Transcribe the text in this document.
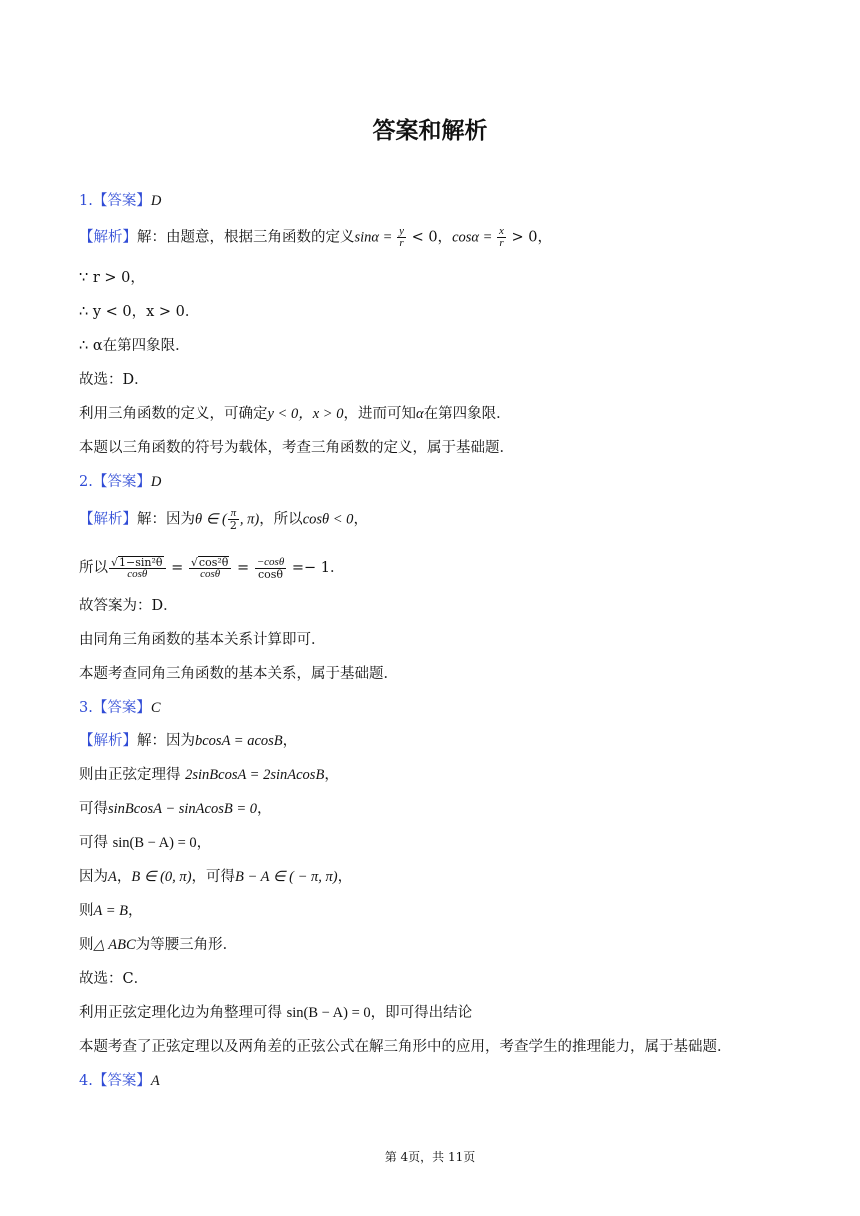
答案和解析
1.【答案】D
【解析】解：由题意，根据三角函数的定义$\sin\alpha = \frac{y}{r} < 0$，$\cos\alpha = \frac{x}{r} > 0$，
∵ r > 0，
∴ y < 0，x > 0．
∴ α在第四象限．
故选：D．
利用三角函数的定义，可确定y < 0，x > 0，进而可知α在第四象限．
本题以三角函数的符号为载体，考查三角函数的定义，属于基础题．
2.【答案】D
【解析】解：因为θ ∈ ( $\frac{\pi}{2}$ , π)，所以cosθ < 0，
所以 $\frac{\text{√1−sin²θ}}{\cos\theta} = \frac{\text{√cos²θ}}{\cos\theta} = \frac{-\cos\theta}{\cos\theta} =- 1$．
故答案为：D．
由同角三角函数的基本关系计算即可．
本题考查同角三角函数的基本关系，属于基础题．
3.【答案】C
【解析】解：因为bcosA = acosB，
则由正弦定理得 2sinBcosA = 2sinAcosB，
可得sinBcosA − sinAcosB = 0，
可得 sin(B − A) = 0，
因为A，B ∈ (0, π)，可得B − A ∈ ( − π, π)，
则A = B，
则△ ABC为等腰三角形．
故选：C．
利用正弦定理化边为角整理可得 sin(B − A) = 0，即可得出结论
本题考查了正弦定理以及两角差的正弦公式在解三角形中的应用，考查学生的推理能力，属于基础题．
4.【答案】A
第 4页，共 11页
